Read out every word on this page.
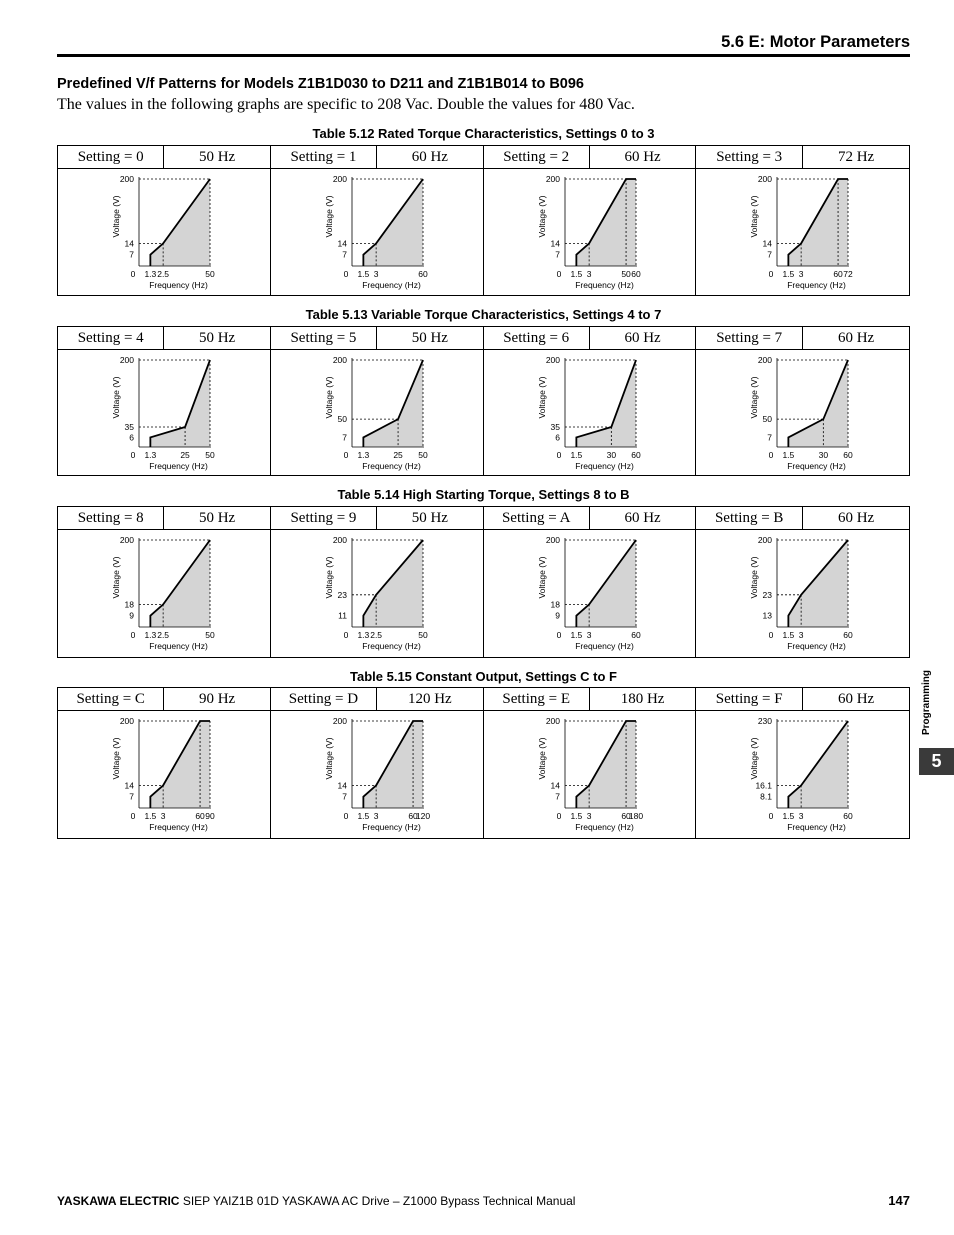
5.6 E: Motor Parameters
Predefined V/f Patterns for Models Z1B1D030 to D211 and Z1B1B014 to B096
The values in the following graphs are specific to 208 Vac. Double the values for 480 Vac.
Table 5.12 Rated Torque Characteristics, Settings 0 to 3
Setting = 0	50 Hz	Setting = 1	60 Hz	Setting = 2	60 Hz	Setting = 3	72 Hz
7
14
200
0 1.3 2.5	50
Frequency (Hz)
Voltage (V)
7
14
200
0 1.5 3	60
Frequency (Hz)
Voltage (V)
7
14
200
0 1.5 3	50 60
Frequency (Hz)
Voltage (V)
7
14
200
0 1.5 3	60 72
Frequency (Hz)
Voltage (V)
Table 5.13 Variable Torque Characteristics, Settings 4 to 7
Setting = 4	50 Hz	Setting = 5	50 Hz	Setting = 6	60 Hz	Setting = 7	60 Hz
6
35
200
0 1.3	25 50
Frequency (Hz)
Voltage (V)
7
50
200
0 1.3	25 50
Frequency (Hz)
Voltage (V)
6
35
200
0 1.5	30 60
Frequency (Hz)
Voltage (V)
7
50
200
0 1.5	30 60
Frequency (Hz)
Voltage (V)
Table 5.14 High Starting Torque, Settings 8 to B
Setting = 8	50 Hz	Setting = 9	50 Hz	Setting = A	60 Hz	Setting = B	60 Hz
9
18
200
0 1.3 2.5	50
Frequency (Hz)
Voltage (V)
11
23
200
0 1.3 2.5	50
Frequency (Hz)
Voltage (V)
9
18
200
0 1.5 3	60
Frequency (Hz)
Voltage (V)
13
23
200
0 1.5 3	60
Frequency (Hz)
Voltage (V)
Table 5.15 Constant Output, Settings C to F
Setting = C	90 Hz	Setting = D	120 Hz	Setting = E	180 Hz	Setting = F	60 Hz
7
14
200
0 1.5 3	60 90
Frequency (Hz)
Voltage (V)
7
14
200
0 1.5 3	60
120
Frequency (Hz)
Voltage (V)
7
14
200
0 1.5 3	60
180
Frequency (Hz)
Voltage (V)
8.1
16.1
230
0 1.5 3	60
Frequency (Hz)
Voltage (V)
Programming
5
YASKAWA ELECTRIC SIEP YAIZ1B 01D YASKAWA AC Drive – Z1000 Bypass Technical Manual	147
